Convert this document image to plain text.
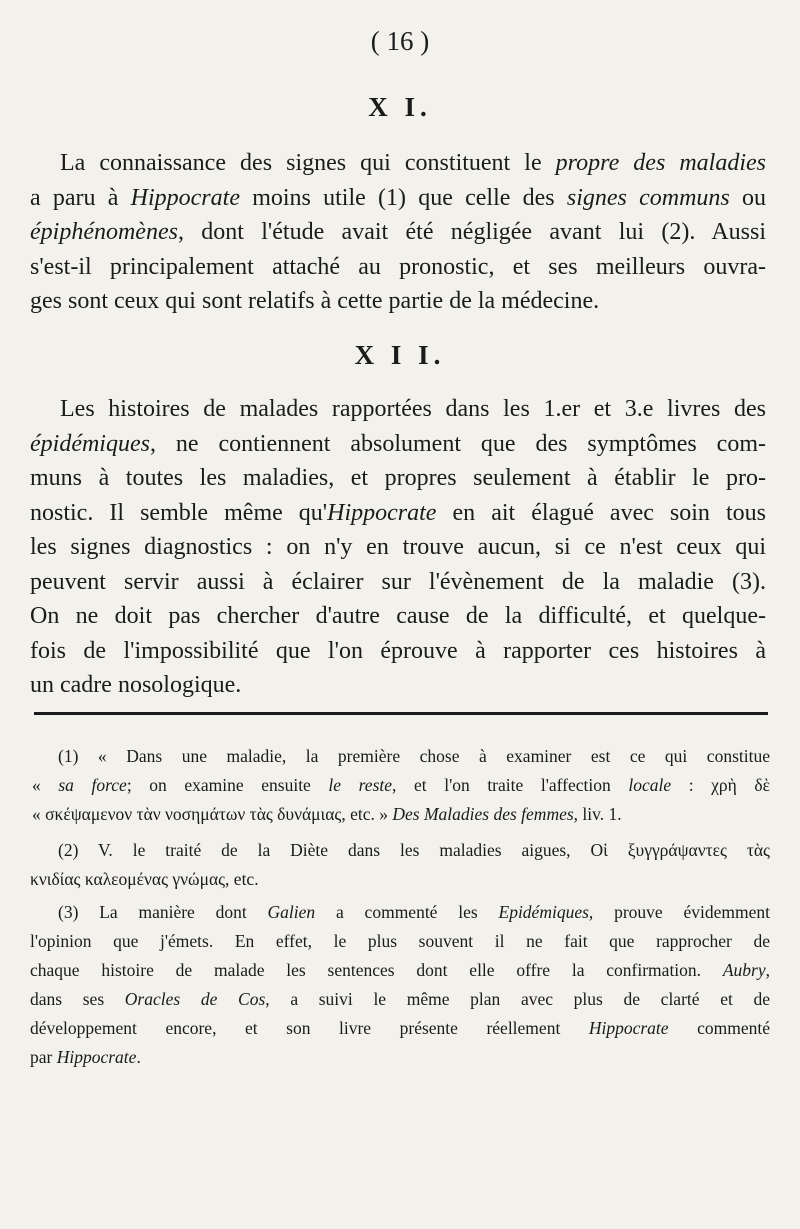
( 16 )
X I.
La connaissance des signes qui constituent le propre des maladies
a paru à Hippocrate moins utile (1) que celle des signes communs ou
épiphénomènes, dont l'étude avait été négligée avant lui (2). Aussi
s'est-il principalement attaché au pronostic, et ses meilleurs ouvra-
ges sont ceux qui sont relatifs à cette partie de la médecine.
X I I.
Les histoires de malades rapportées dans les 1.er et 3.e livres des
épidémiques, ne contiennent absolument que des symptômes com-
muns à toutes les maladies, et propres seulement à établir le pro-
nostic. Il semble même qu'Hippocrate en ait élagué avec soin tous
les signes diagnostics : on n'y en trouve aucun, si ce n'est ceux qui
peuvent servir aussi à éclairer sur l'évènement de la maladie (3).
On ne doit pas chercher d'autre cause de la difficulté, et quelque-
fois de l'impossibilité que l'on éprouve à rapporter ces histoires à
un cadre nosologique.
(1) « Dans une maladie, la première chose à examiner est ce qui constitue
« sa force; on examine ensuite le reste, et l'on traite l'affection locale : χρὴ δὲ
« σκέψαμενον τὰν νοσημάτων τὰς δυνάμιας, etc. » Des Maladies des femmes, liv. 1.
(2) V. le traité de la Diète dans les maladies aigues, Οἱ ξυγγράψαντες τὰς
κνιδίας καλεομένας γνώμας, etc.
(3) La manière dont Galien a commenté les Epidémiques, prouve évidemment
l'opinion que j'émets. En effet, le plus souvent il ne fait que rapprocher de
chaque histoire de malade les sentences dont elle offre la confirmation. Aubry,
dans ses Oracles de Cos, a suivi le même plan avec plus de clarté et de
développement encore, et son livre présente réellement Hippocrate commenté
par Hippocrate.
